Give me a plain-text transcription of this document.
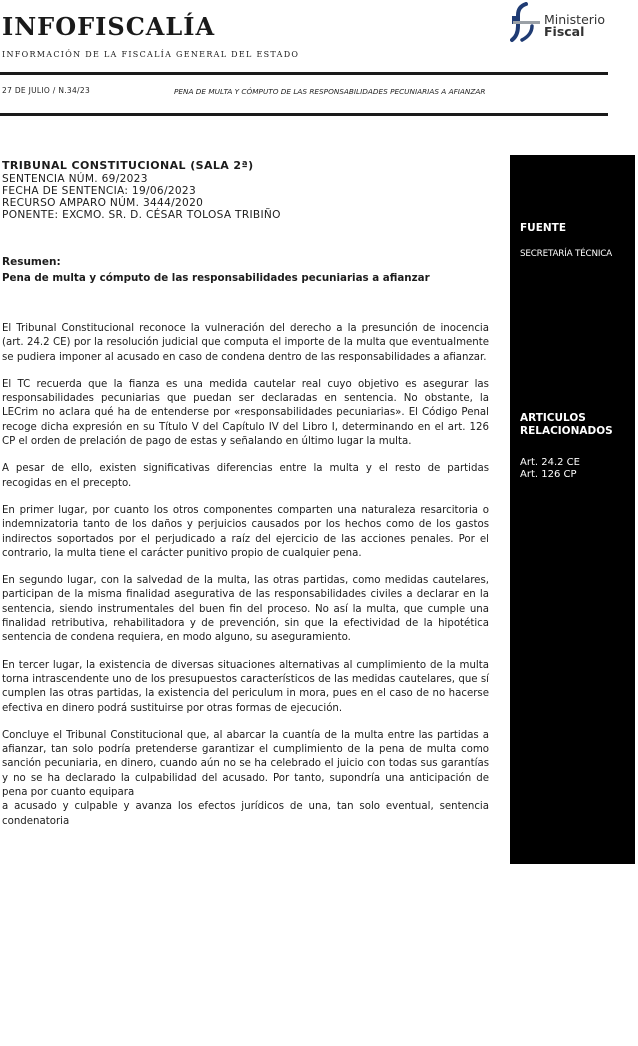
INFOFISCALÍA
INFORMACIÓN DE LA FISCALÍA GENERAL DEL ESTADO
Ministerio
Fiscal
27 DE JULIO / N.34/23	PENA DE MULTA Y CÓMPUTO DE LAS RESPONSABILIDADES PECUNIARIAS A AFIANZAR

TRIBUNAL CONSTITUCIONAL (SALA 2ª)

SENTENCIA NÚM. 69/2023

FECHA DE SENTENCIA: 19/06/2023

RECURSO AMPARO NÚM. 3444/2020

PONENTE: EXCMO. SR. D. CÉSAR TOLOSA TRIBIÑO

Resumen:

Pena de multa y cómputo de las responsabilidades pecuniarias a afianzar

El Tribunal Constitucional reconoce la vulneración del derecho a la presunción de inocencia (art. 24.2 CE) por la resolución judicial que computa el importe de la multa que eventualmente se pudiera imponer al acusado en caso de condena dentro de las responsabilidades a afianzar.

El TC recuerda que la fianza es una medida cautelar real cuyo objetivo es asegurar las responsabilidades pecuniarias que puedan ser declaradas en sentencia. No obstante, la LECrim no aclara qué ha de entenderse por «responsabilidades pecuniarias». El Código Penal recoge dicha expresión en su Título V del Capítulo IV del Libro I, determinando en el art. 126 CP el orden de prelación de pago de estas y señalando en último lugar la multa.

A pesar de ello, existen significativas diferencias entre la multa y el resto de partidas recogidas en el precepto.

En primer lugar, por cuanto los otros componentes comparten una naturaleza resarcitoria o indemnizatoria tanto de los daños y perjuicios causados por los hechos como de los gastos indirectos soportados por el perjudicado a raíz del ejercicio de las acciones penales. Por el contrario, la multa tiene el carácter punitivo propio de cualquier pena.

En segundo lugar, con la salvedad de la multa, las otras partidas, como medidas cautelares, participan de la misma finalidad asegurativa de las responsabilidades civiles a declarar en la sentencia, siendo instrumentales del buen fin del proceso. No así la multa, que cumple una finalidad retributiva, rehabilitadora y de prevención, sin que la efectividad de la hipotética sentencia de condena requiera, en modo alguno, su aseguramiento.

En tercer lugar, la existencia de diversas situaciones alternativas al cumplimiento de la multa torna intrascendente uno de los presupuestos característicos de las medidas cautelares, que sí cumplen las otras partidas, la existencia del periculum in mora, pues en el caso de no hacerse efectiva en dinero podrá sustituirse por otras formas de ejecución.

Concluye el Tribunal Constitucional que, al abarcar la cuantía de la multa entre las partidas a afianzar, tan solo podría pretenderse garantizar el cumplimiento de la pena de multa como sanción pecuniaria, en dinero, cuando aún no se ha celebrado el juicio con todas sus garantías y no se ha declarado la culpabilidad del acusado. Por tanto, supondría una anticipación de pena por cuanto equipara

a acusado y culpable y avanza los efectos jurídicos de una, tan solo eventual, sentencia condenatoria

FUENTE

SECRETARÍA TÉCNICA

ARTICULOS RELACIONADOS

Art. 24.2 CE
Art. 126 CP
